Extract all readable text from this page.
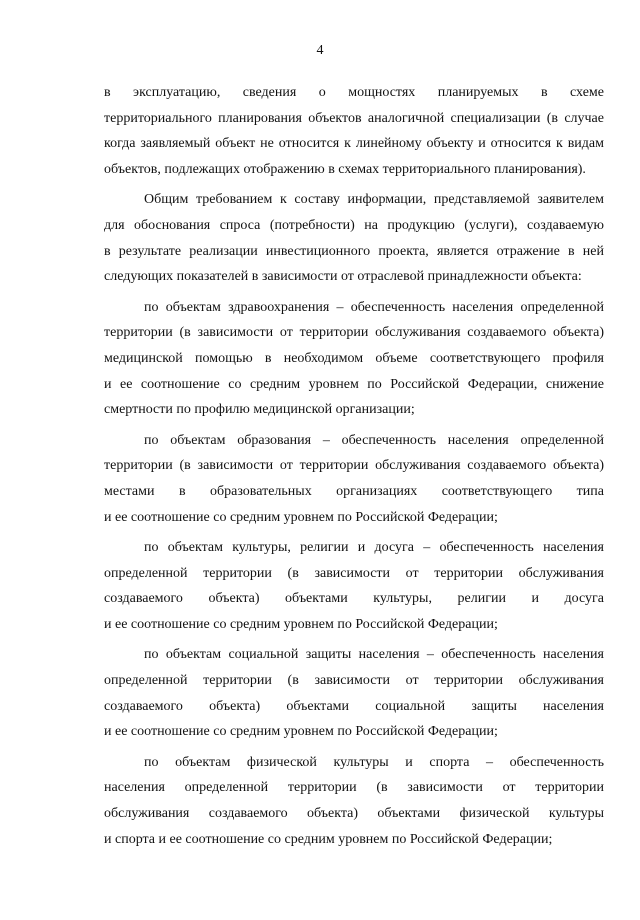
4

в эксплуатацию, сведения о мощностях планируемых в схеме
территориального планирования объектов аналогичной специализации (в случае
когда заявляемый объект не относится к линейному объекту и относится к видам
объектов, подлежащих отображению в схемах территориального планирования).

Общим требованием к составу информации, представляемой заявителем
для обоснования спроса (потребности) на продукцию (услуги), создаваемую
в результате реализации инвестиционного проекта, является отражение в ней
следующих показателей в зависимости от отраслевой принадлежности объекта:

по объектам здравоохранения – обеспеченность населения определенной
территории (в зависимости от территории обслуживания создаваемого объекта)
медицинской помощью в необходимом объеме соответствующего профиля
и ее соотношение со средним уровнем по Российской Федерации, снижение
смертности по профилю медицинской организации;

по объектам образования – обеспеченность населения определенной
территории (в зависимости от территории обслуживания создаваемого объекта)
местами в образовательных организациях соответствующего типа
и ее соотношение со средним уровнем по Российской Федерации;

по объектам культуры, религии и досуга – обеспеченность населения
определенной территории (в зависимости от территории обслуживания
создаваемого объекта) объектами культуры, религии и досуга
и ее соотношение со средним уровнем по Российской Федерации;

по объектам социальной защиты населения – обеспеченность населения
определенной территории (в зависимости от территории обслуживания
создаваемого объекта) объектами социальной защиты населения
и ее соотношение со средним уровнем по Российской Федерации;

по объектам физической культуры и спорта – обеспеченность
населения определенной территории (в зависимости от территории
обслуживания создаваемого объекта) объектами физической культуры
и спорта и ее соотношение со средним уровнем по Российской Федерации;
